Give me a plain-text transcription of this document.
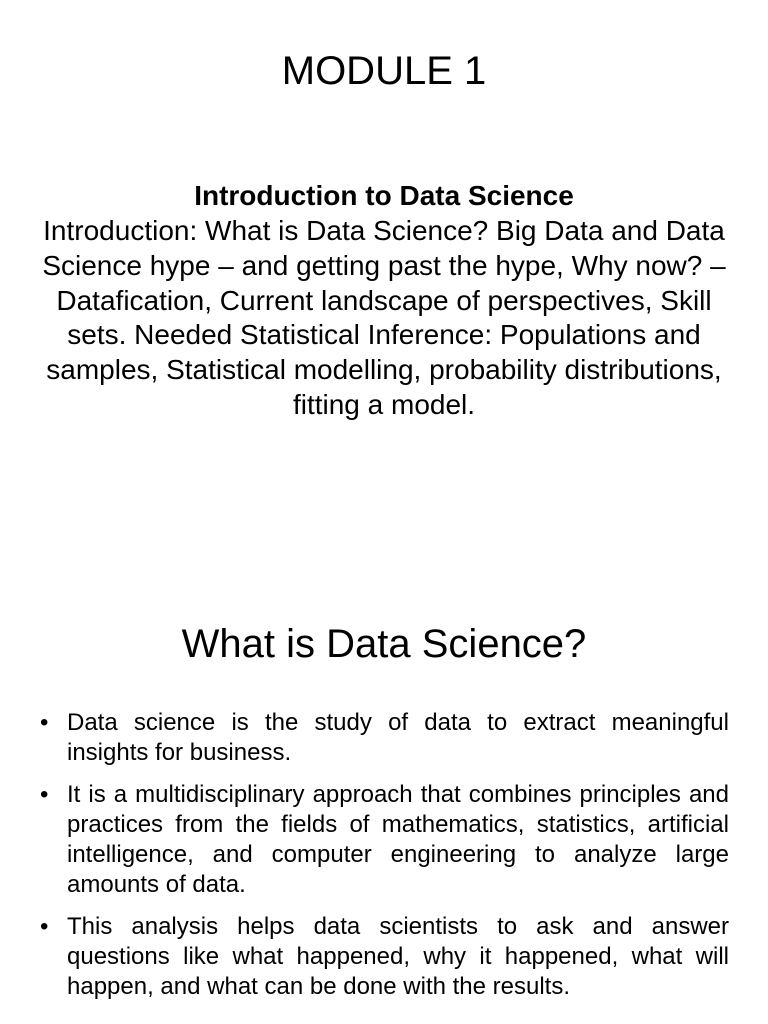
MODULE 1

Introduction to Data Science

Introduction: What is Data Science? Big Data and Data Science hype – and getting past the hype, Why now? – Datafication, Current landscape of perspectives, Skill sets. Needed Statistical Inference: Populations and samples, Statistical modelling, probability distributions, fitting a model.

What is Data Science?
• Data science is the study of data to extract meaningful insights for business.
• It is a multidisciplinary approach that combines principles and practices from the fields of mathematics, statistics, artificial intelligence, and computer engineering to analyze large amounts of data.
• This analysis helps data scientists to ask and answer questions like what happened, why it happened, what will happen, and what can be done with the results.
